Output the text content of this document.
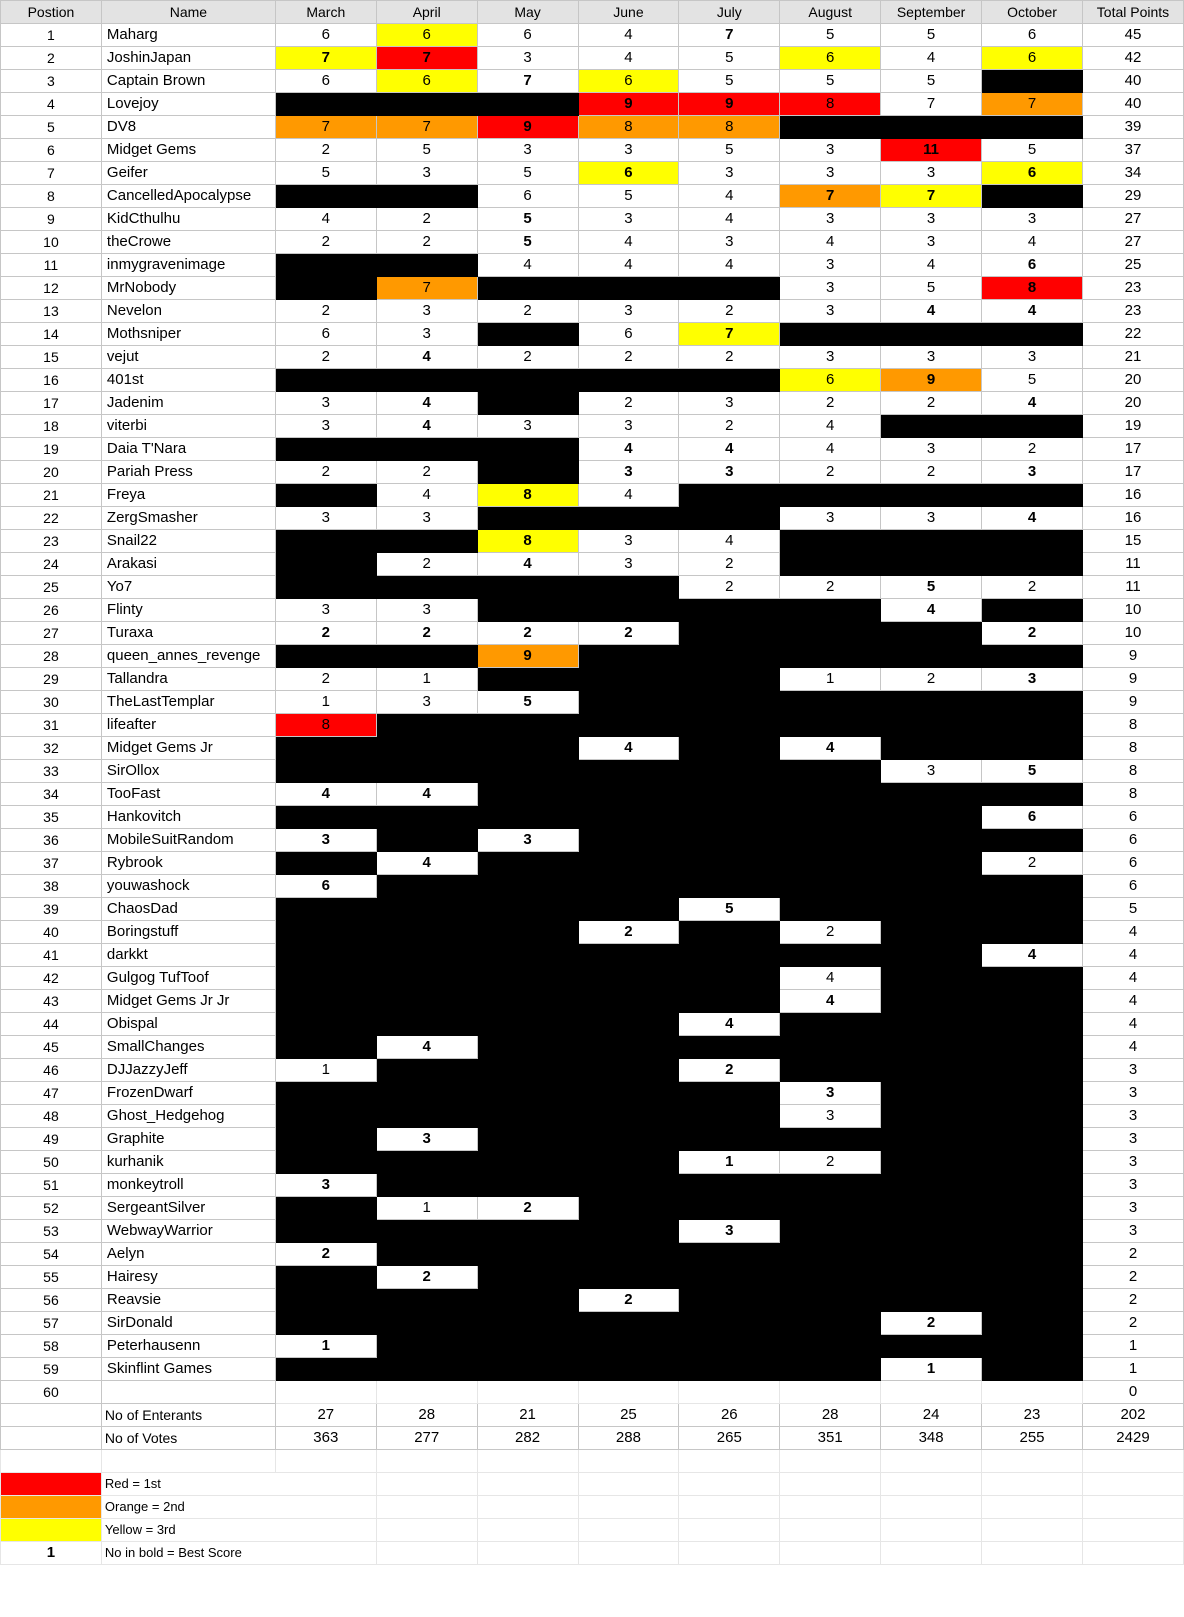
Postion	Name	March	April	May	June	July	August	September	October	Total Points
1	Maharg	6	6	6	4	7	5	5	6	45
2	JoshinJapan	7	7	3	4	5	6	4	6	42
3	Captain Brown	6	6	7	6	5	5	5		40
4	Lovejoy				9	9	8	7	7	40
5	DV8	7	7	9	8	8				39
6	Midget Gems	2	5	3	3	5	3	11	5	37
7	Geifer	5	3	5	6	3	3	3	6	34
8	CancelledApocalypse			6	5	4	7	7		29
9	KidCthulhu	4	2	5	3	4	3	3	3	27
10	theCrowe	2	2	5	4	3	4	3	4	27
11	inmygravenimage			4	4	4	3	4	6	25
12	MrNobody		7				3	5	8	23
13	Nevelon	2	3	2	3	2	3	4	4	23
14	Mothsniper	6	3		6	7				22
15	vejut	2	4	2	2	2	3	3	3	21
16	401st						6	9	5	20
17	Jadenim	3	4		2	3	2	2	4	20
18	viterbi	3	4	3	3	2	4			19
19	Daia T'Nara				4	4	4	3	2	17
20	Pariah Press	2	2		3	3	2	2	3	17
21	Freya		4	8	4					16
22	ZergSmasher	3	3				3	3	4	16
23	Snail22			8	3	4				15
24	Arakasi		2	4	3	2				11
25	Yo7					2	2	5	2	11
26	Flinty	3	3					4		10
27	Turaxa	2	2	2	2				2	10
28	queen_annes_revenge			9						9
29	Tallandra	2	1				1	2	3	9
30	TheLastTemplar	1	3	5						9
31	lifeafter	8								8
32	Midget Gems Jr				4		4			8
33	SirOllox							3	5	8
34	TooFast	4	4							8
35	Hankovitch								6	6
36	MobileSuitRandom	3		3						6
37	Rybrook		4						2	6
38	youwashock	6								6
39	ChaosDad					5				5
40	Boringstuff				2		2			4
41	darkkt								4	4
42	Gulgog TufToof						4			4
43	Midget Gems Jr Jr						4			4
44	Obispal					4				4
45	SmallChanges		4							4
46	DJJazzyJeff	1				2				3
47	FrozenDwarf						3			3
48	Ghost_Hedgehog						3			3
49	Graphite		3							3
50	kurhanik					1	2			3
51	monkeytroll	3								3
52	SergeantSilver		1	2						3
53	WebwayWarrior					3				3
54	Aelyn	2								2
55	Hairesy		2							2
56	Reavsie				2					2
57	SirDonald							2		2
58	Peterhausenn	1								1
59	Skinflint Games							1		1
60										0
	No of Enterants	27	28	21	25	26	28	24	23	202
	No of Votes	363	277	282	288	265	351	348	255	2429

	Red = 1st									
	Orange = 2nd									
	Yellow = 3rd									
1	No in bold = Best Score									
